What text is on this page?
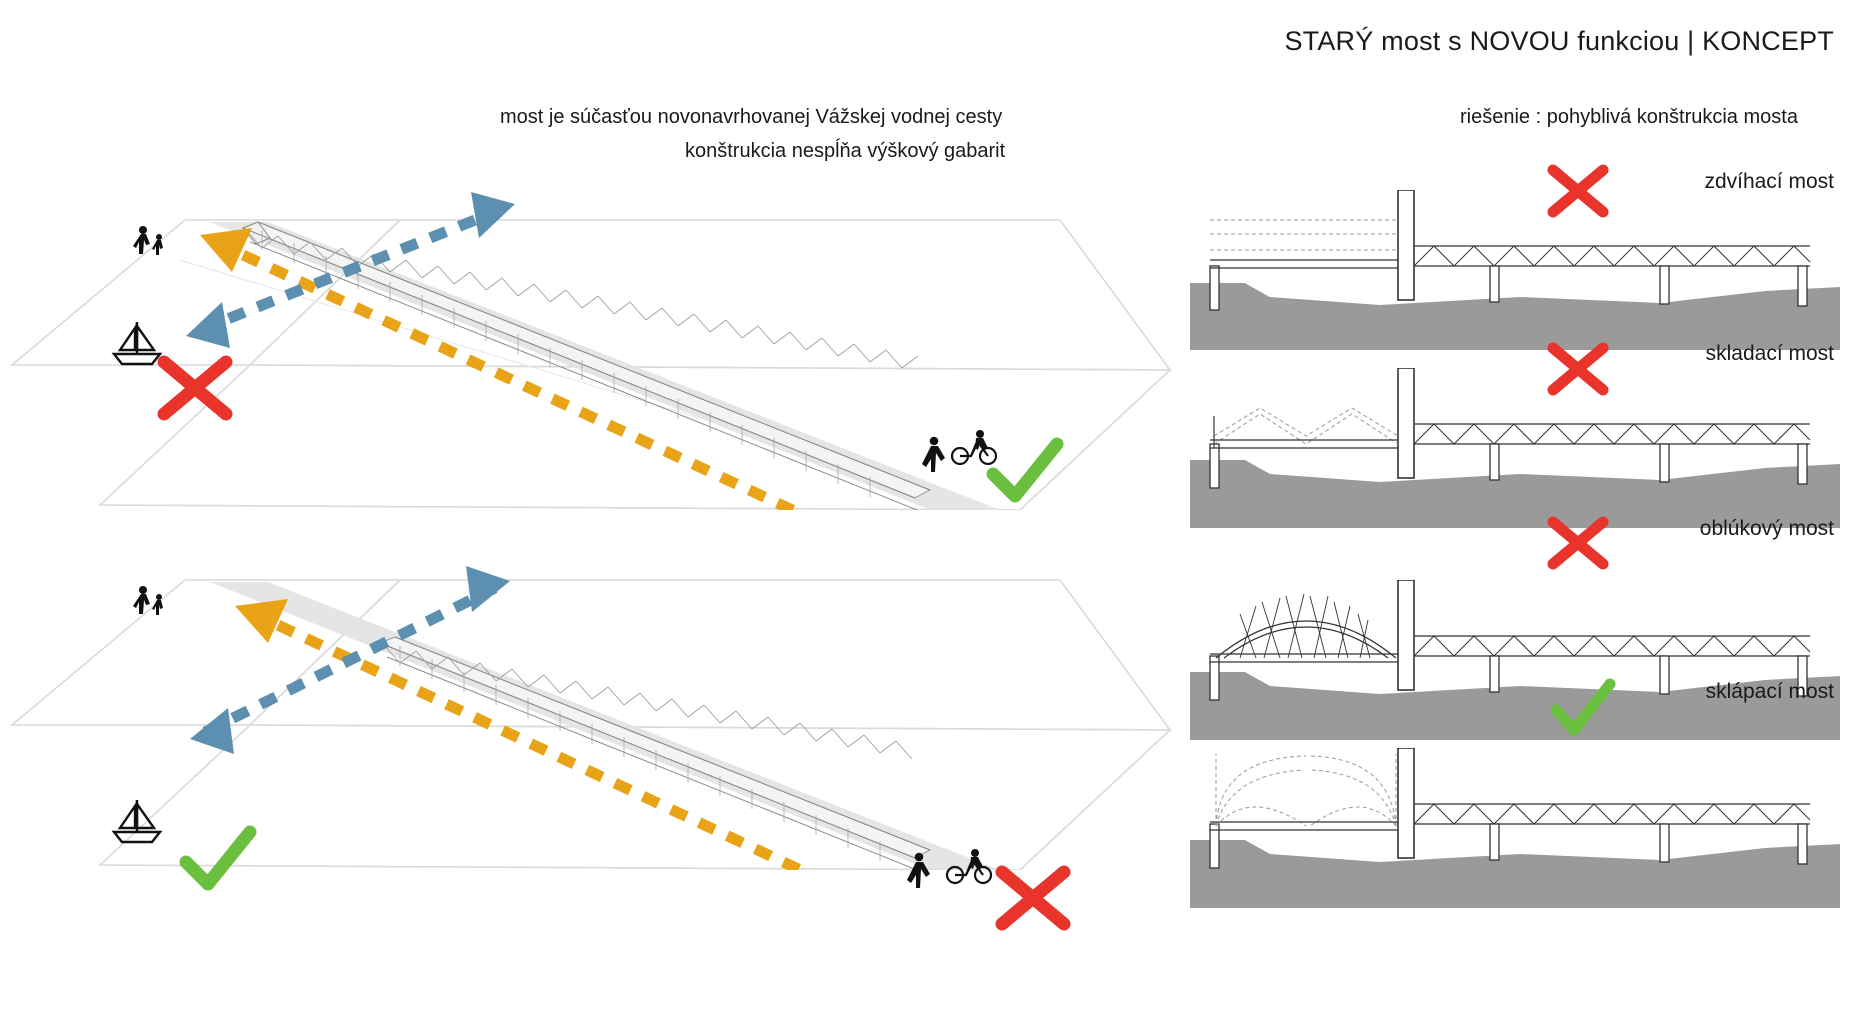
STARÝ most s NOVOU funkciou | KONCEPT
most je súčasťou novonavrhovanej Vážskej vodnej cesty
konštrukcia nespĺňa výškový gabarit
riešenie : pohyblivá konštrukcia mosta
zdvíhací most
skladací most
oblúkový most
sklápací most
